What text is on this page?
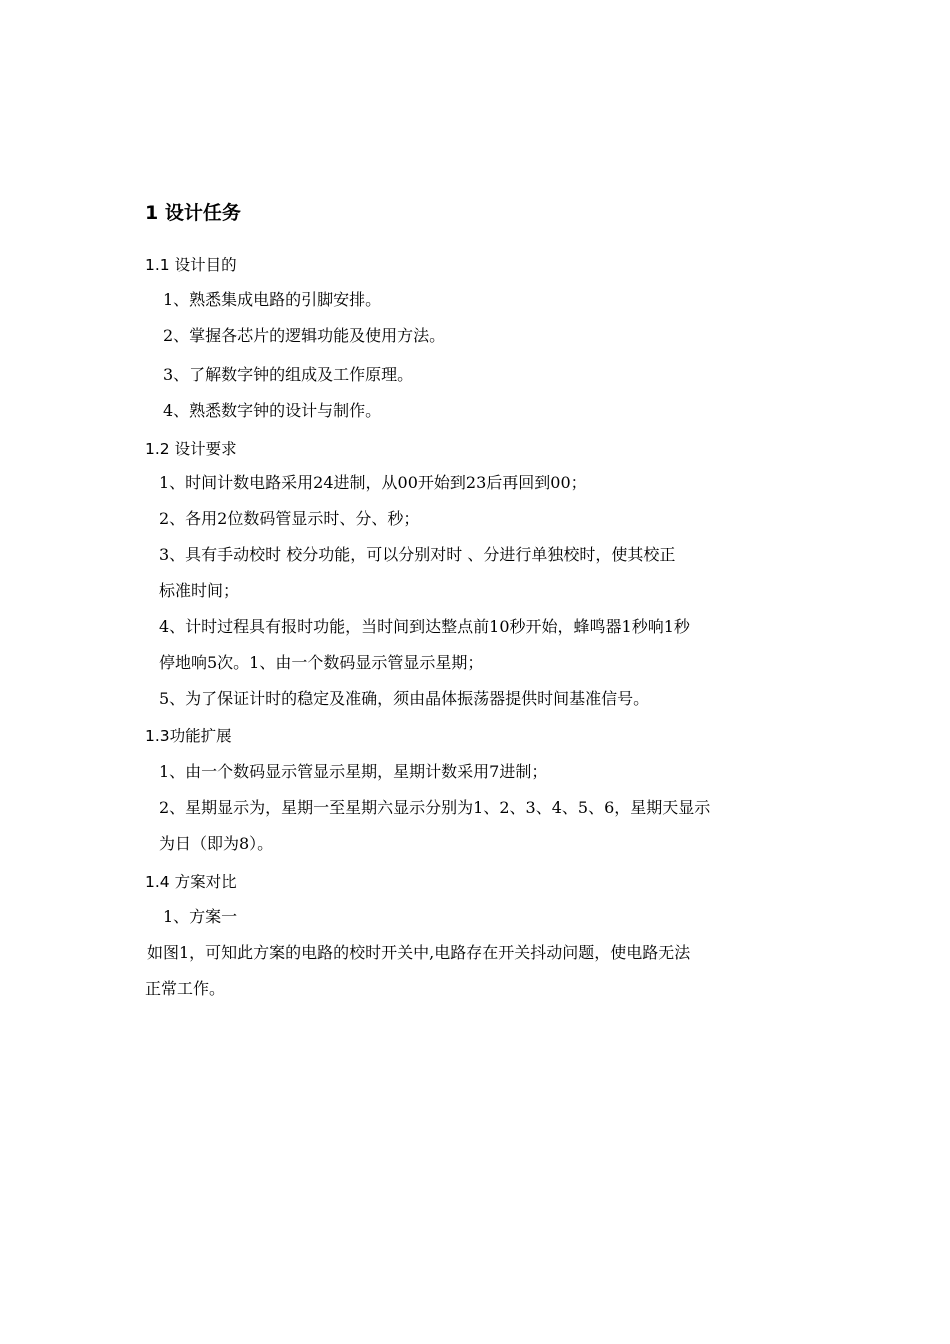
1 设计任务
1.1 设计目的
1、熟悉集成电路的引脚安排。
2、掌握各芯片的逻辑功能及使用方法。
3、了解数字钟的组成及工作原理。
4、熟悉数字钟的设计与制作。
1.2 设计要求
1、时间计数电路采用24进制，从00开始到23后再回到00；
2、各用2位数码管显示时、分、秒；
3、具有手动校时 校分功能，可以分别对时 、分进行单独校时，使其校正
标准时间；
4、计时过程具有报时功能，当时间到达整点前10秒开始，蜂鸣器1秒响1秒
停地响5次。1、由一个数码显示管显示星期；
5、为了保证计时的稳定及准确，须由晶体振荡器提供时间基准信号。
1.3功能扩展
1、由一个数码显示管显示星期，星期计数采用7进制；
2、星期显示为，星期一至星期六显示分别为1、2、3、4、5、6，星期天显示
为日（即为8）。
1.4 方案对比
1、方案一
如图1，可知此方案的电路的校时开关中,电路存在开关抖动问题，使电路无法
正常工作。
